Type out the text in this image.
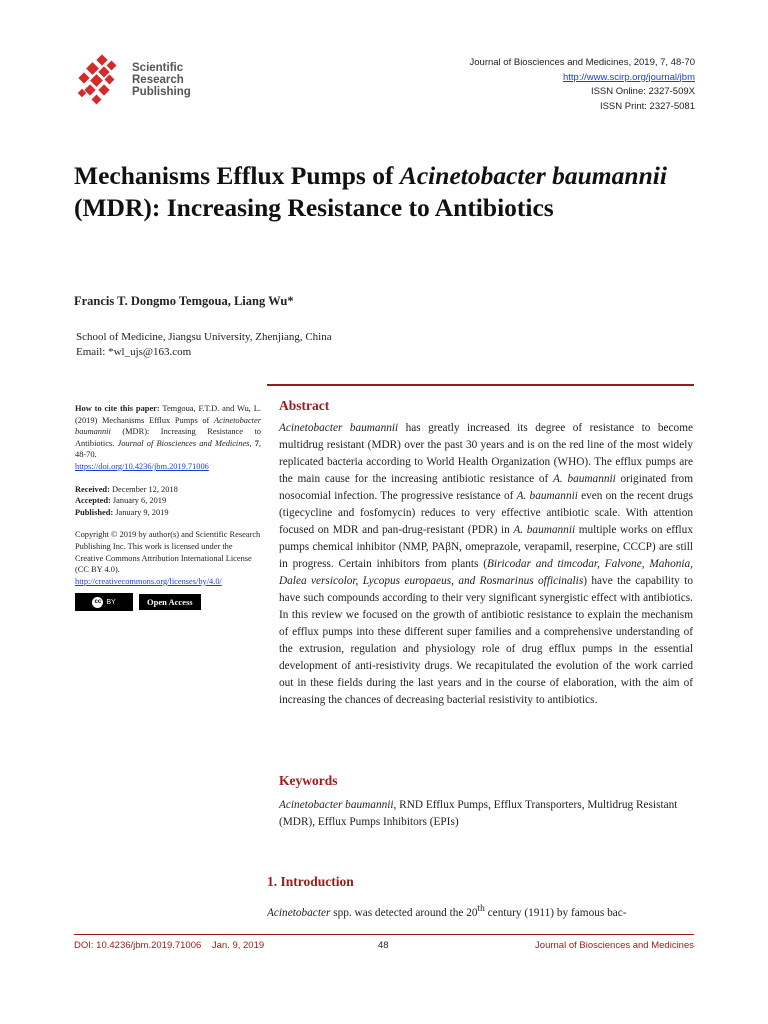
Scientific
Research
Publishing
Journal of Biosciences and Medicines, 2019, 7, 48-70
http://www.scirp.org/journal/jbm
ISSN Online: 2327-509X
ISSN Print: 2327-5081
Mechanisms Efflux Pumps of Acinetobacter baumannii (MDR): Increasing Resistance to Antibiotics
Francis T. Dongmo Temgoua, Liang Wu*
School of Medicine, Jiangsu University, Zhenjiang, China
Email: *wl_ujs@163.com
How to cite this paper: Temgoua, F.T.D. and Wu, L. (2019) Mechanisms Efflux Pumps of Acinetobacter baumannii (MDR): Increasing Resistance to Antibiotics. Journal of Biosciences and Medicines, 7, 48-70.
https://doi.org/10.4236/jbm.2019.71006
Received: December 12, 2018
Accepted: January 6, 2019
Published: January 9, 2019
Copyright © 2019 by author(s) and Scientific Research Publishing Inc. This work is licensed under the Creative Commons Attribution International License (CC BY 4.0).
http://creativecommons.org/licenses/by/4.0/
cc BY	Open Access
Abstract
Acinetobacter baumannii has greatly increased its degree of resistance to become multidrug resistant (MDR) over the past 30 years and is on the red line of the most widely replicated bacteria according to World Health Organization (WHO). The efflux pumps are the main cause for the increasing antibiotic resistance of A. baumannii originated from nosocomial infection. The progressive resistance of A. baumannii even on the recent drugs (tigecycline and fosfomycin) reduces to very effective antibiotic scale. With attention focused on MDR and pan-drug-resistant (PDR) in A. baumannii multiple works on efflux pumps chemical inhibitor (NMP, PAβN, omeprazole, verapamil, reserpine, CCCP) are still in progress. Certain inhibitors from plants (Biricodar and timcodar, Falvone, Mahonia, Dalea versicolor, Lycopus europaeus, and Rosmarinus officinalis) have the capability to have such compounds according to their very significant synergistic effect with antibiotics. In this review we focused on the growth of antibiotic resistance to explain the mechanism of efflux pumps into these different super families and a comprehensive understanding of the extrusion, regulation and physiology role of drug efflux pumps in the essential development of anti-resistivity drugs. We recapitulated the evolution of the work carried out in these fields during the last years and in the course of elaboration, with the aim of increasing the chances of decreasing bacterial resistivity to antibiotics.
Keywords
Acinetobacter baumannii, RND Efflux Pumps, Efflux Transporters, Multidrug Resistant (MDR), Efflux Pumps Inhibitors (EPIs)
1. Introduction
Acinetobacter spp. was detected around the 20th century (1911) by famous bac-
DOI: 10.4236/jbm.2019.71006 Jan. 9, 2019	48	Journal of Biosciences and Medicines
